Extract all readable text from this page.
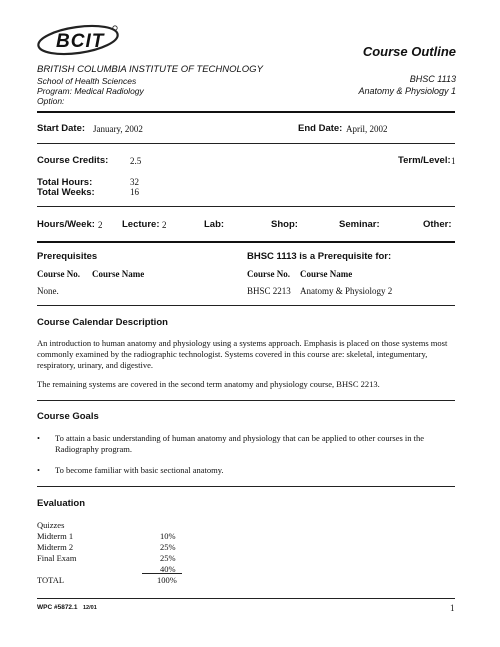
BCIT	Course Outline
BRITISH COLUMBIA INSTITUTE OF TECHNOLOGY
School of Health Sciences
Program: Medical Radiology
Option:
BHSC 1113
Anatomy & Physiology 1
Start Date: January, 2002	End Date: April, 2002
Course Credits: 2.5	Term/Level: 1
Total Hours:	32
Total Weeks:	16
Hours/Week: 2 Lecture: 2	Lab:	Shop:	Seminar:	Other:
Prerequisites	BHSC 1113 is a Prerequisite for:
Course No. Course Name	Course No. Course Name
None.	BHSC 2213 Anatomy & Physiology 2
Course Calendar Description
An introduction to human anatomy and physiology using a systems approach. Emphasis is placed on those systems most commonly examined by the radiographic technologist. Systems covered in this course are: skeletal, integumentary, respiratory, urinary, and digestive.
The remaining systems are covered in the second term anatomy and physiology course, BHSC 2213.
Course Goals
• To attain a basic understanding of human anatomy and physiology that can be applied to other courses in the Radiography program.
• To become familiar with basic sectional anatomy.
Evaluation
Quizzes
Midterm 1	10%
Midterm 2	25%
Final Exam	25%
40%
TOTAL	100%
WPC #5872.1 12/01	1
